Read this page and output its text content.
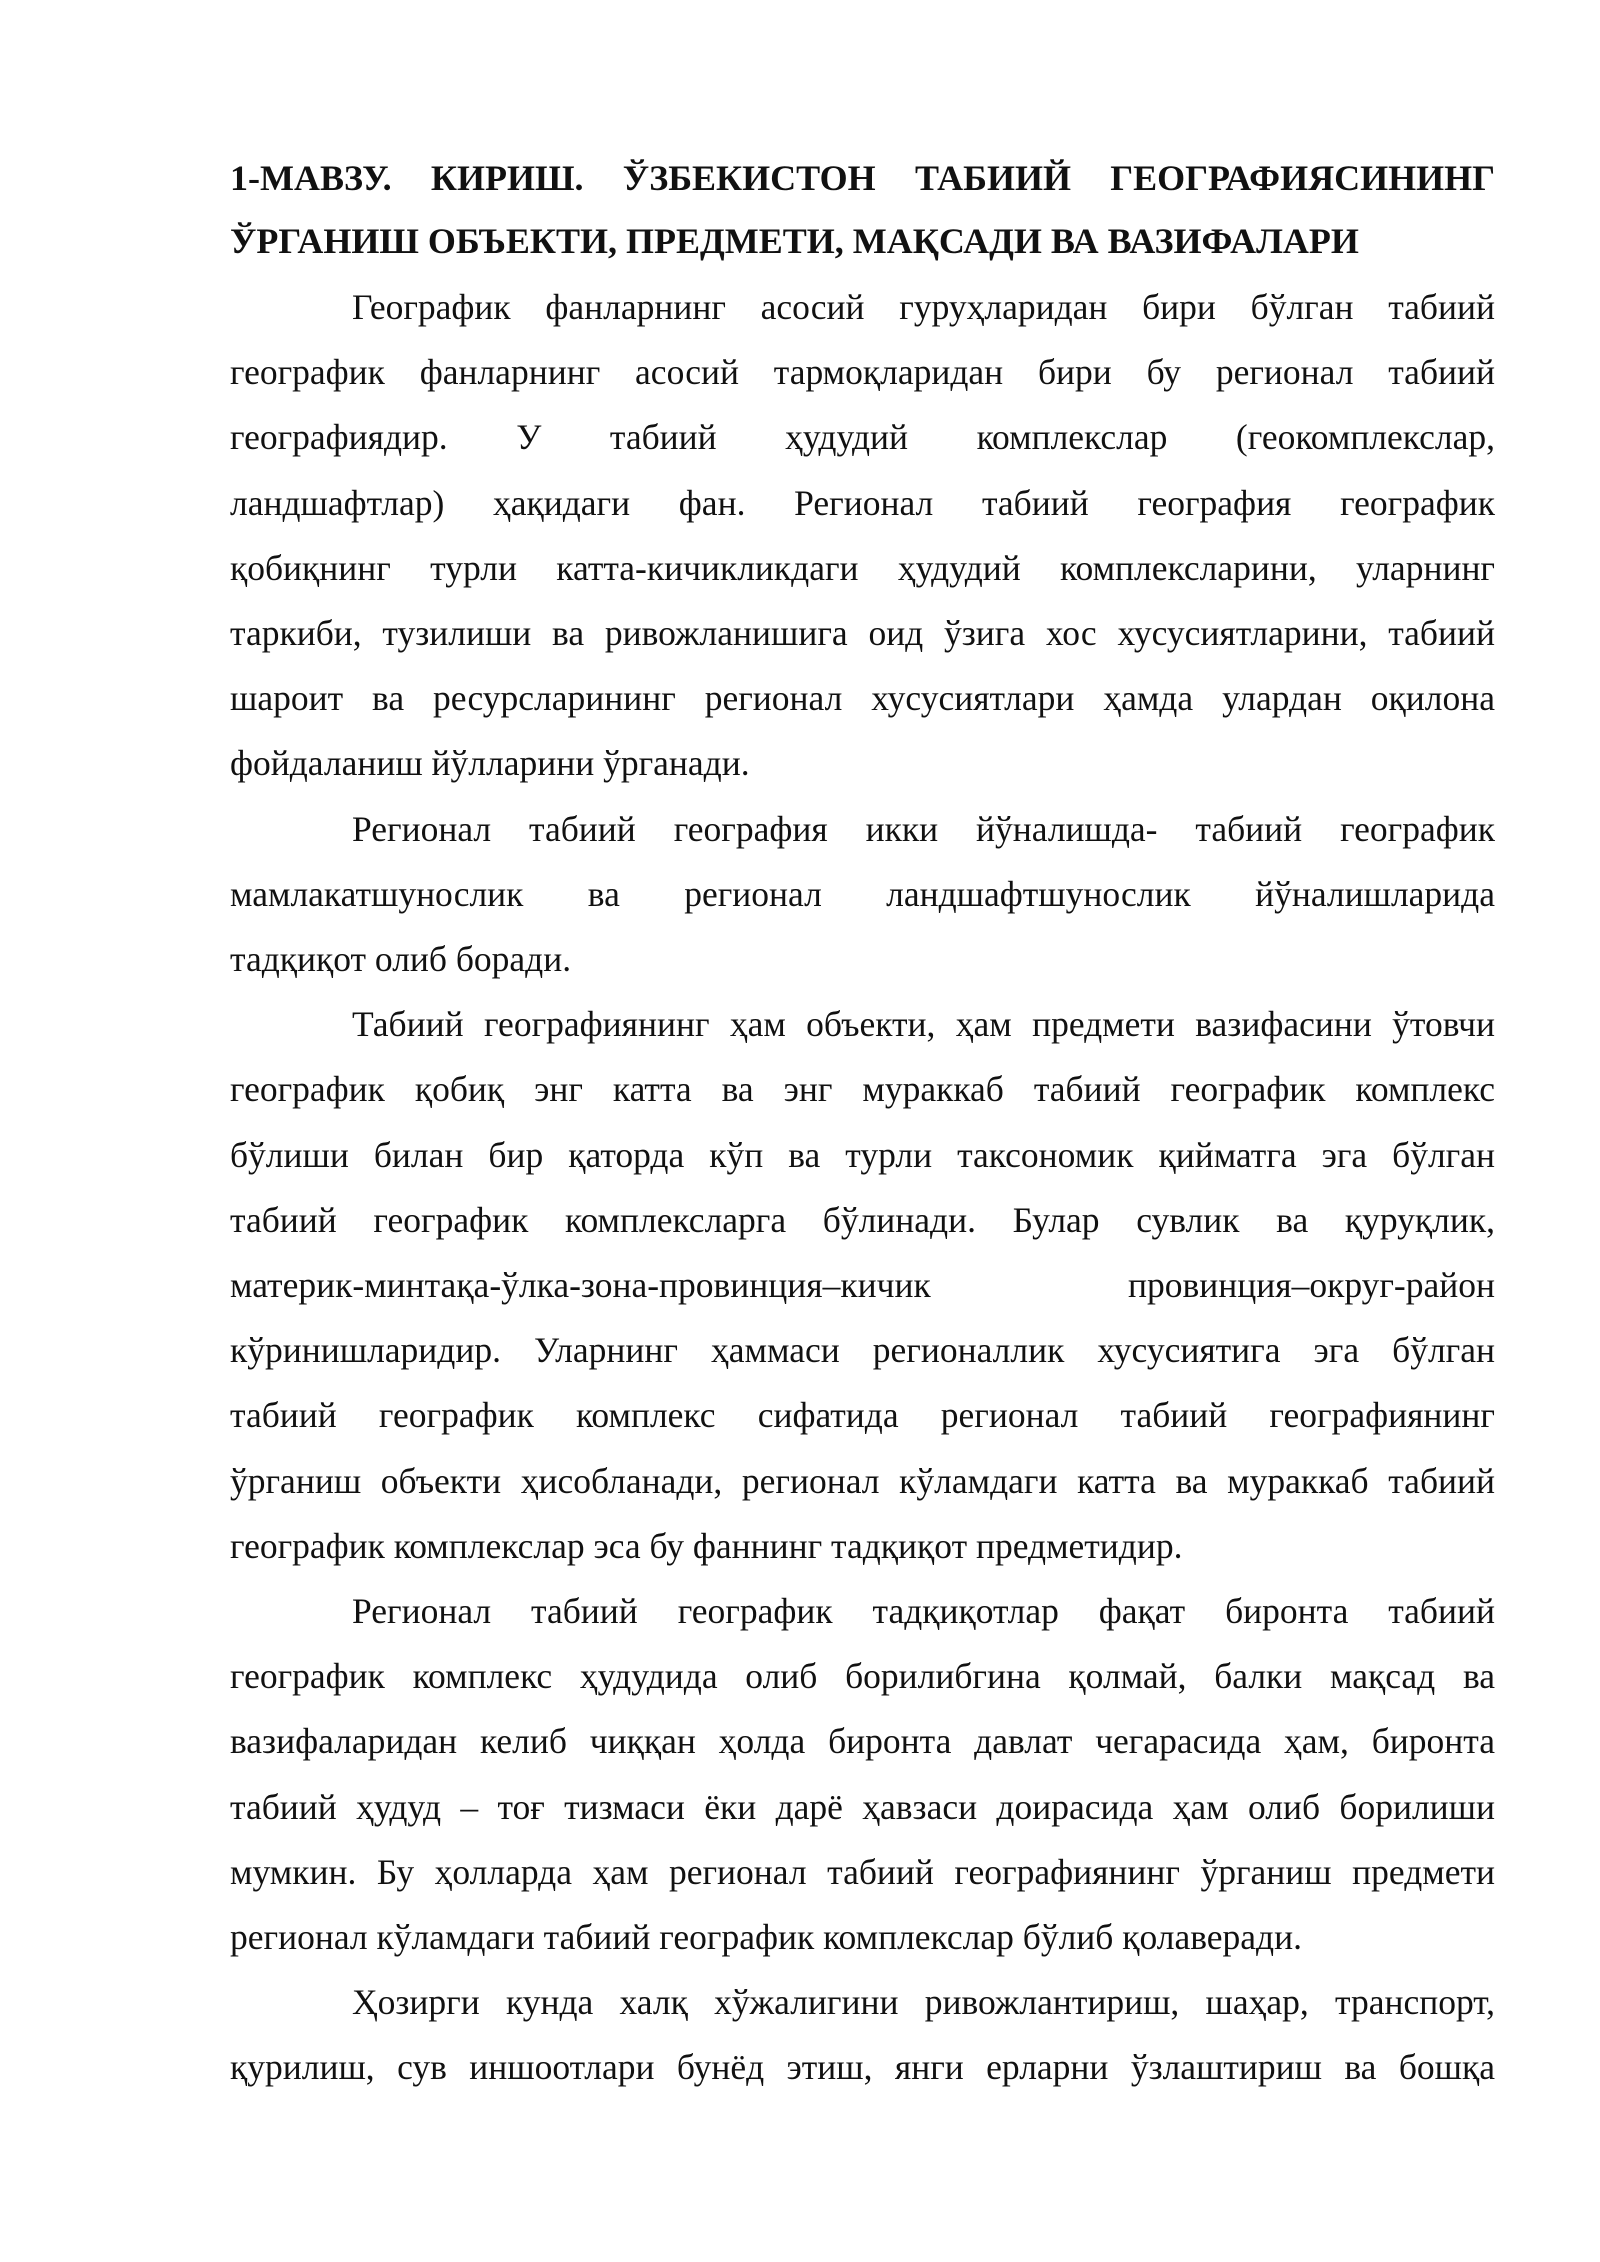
1-МАВЗУ. КИРИШ. ЎЗБЕКИСТОН ТАБИИЙ ГЕОГРАФИЯСИНИНГ
ЎРГАНИШ ОБЪЕКТИ, ПРЕДМЕТИ, МАҚСАДИ ВА ВАЗИФАЛАРИ
Географик фанларнинг асосий гуруҳларидан бири бўлган табиий
географик фанларнинг асосий тармоқларидан бири бу регионал табиий
географиядир. У табиий ҳудудий комплекслар (геокомплекслар,
ландшафтлар) ҳақидаги фан. Регионал табиий география географик
қобиқнинг турли катта-кичикликдаги ҳудудий комплексларини, уларнинг
таркиби, тузилиши ва ривожланишига оид ўзига хос хусусиятларини, табиий
шароит ва ресурсларининг регионал хусусиятлари ҳамда улардан оқилона
фойдаланиш йўлларини ўрганади.
Регионал табиий география икки йўналишда- табиий географик
мамлакатшунослик ва регионал ландшафтшунослик йўналишларида
тадқиқот олиб боради.
Табиий географиянинг ҳам объекти, ҳам предмети вазифасини ўтовчи
географик қобиқ энг катта ва энг мураккаб табиий географик комплекс
бўлиши билан бир қаторда кўп ва турли таксономик қийматга эга бўлган
табиий географик комплексларга бўлинади. Булар сувлик ва қуруқлик,
материк-минтақа-ўлка-зона-провинция–кичик провинция–округ-район
кўринишларидир. Уларнинг ҳаммаси регионаллик хусусиятига эга бўлган
табиий географик комплекс сифатида регионал табиий географиянинг
ўрганиш объекти ҳисобланади, регионал кўламдаги катта ва мураккаб табиий
географик комплекслар эса бу фаннинг тадқиқот предметидир.
Регионал табиий географик тадқиқотлар фақат биронта табиий
географик комплекс ҳудудида олиб борилибгина қолмай, балки мақсад ва
вазифаларидан келиб чиққан ҳолда биронта давлат чегарасида ҳам, биронта
табиий ҳудуд – тоғ тизмаси ёки дарё ҳавзаси доирасида ҳам олиб борилиши
мумкин. Бу ҳолларда ҳам регионал табиий географиянинг ўрганиш предмети
регионал кўламдаги табиий географик комплекслар бўлиб қолаверади.
Ҳозирги кунда халқ хўжалигини ривожлантириш, шаҳар, транспорт,
қурилиш, сув иншоотлари бунёд этиш, янги ерларни ўзлаштириш ва бошқа
